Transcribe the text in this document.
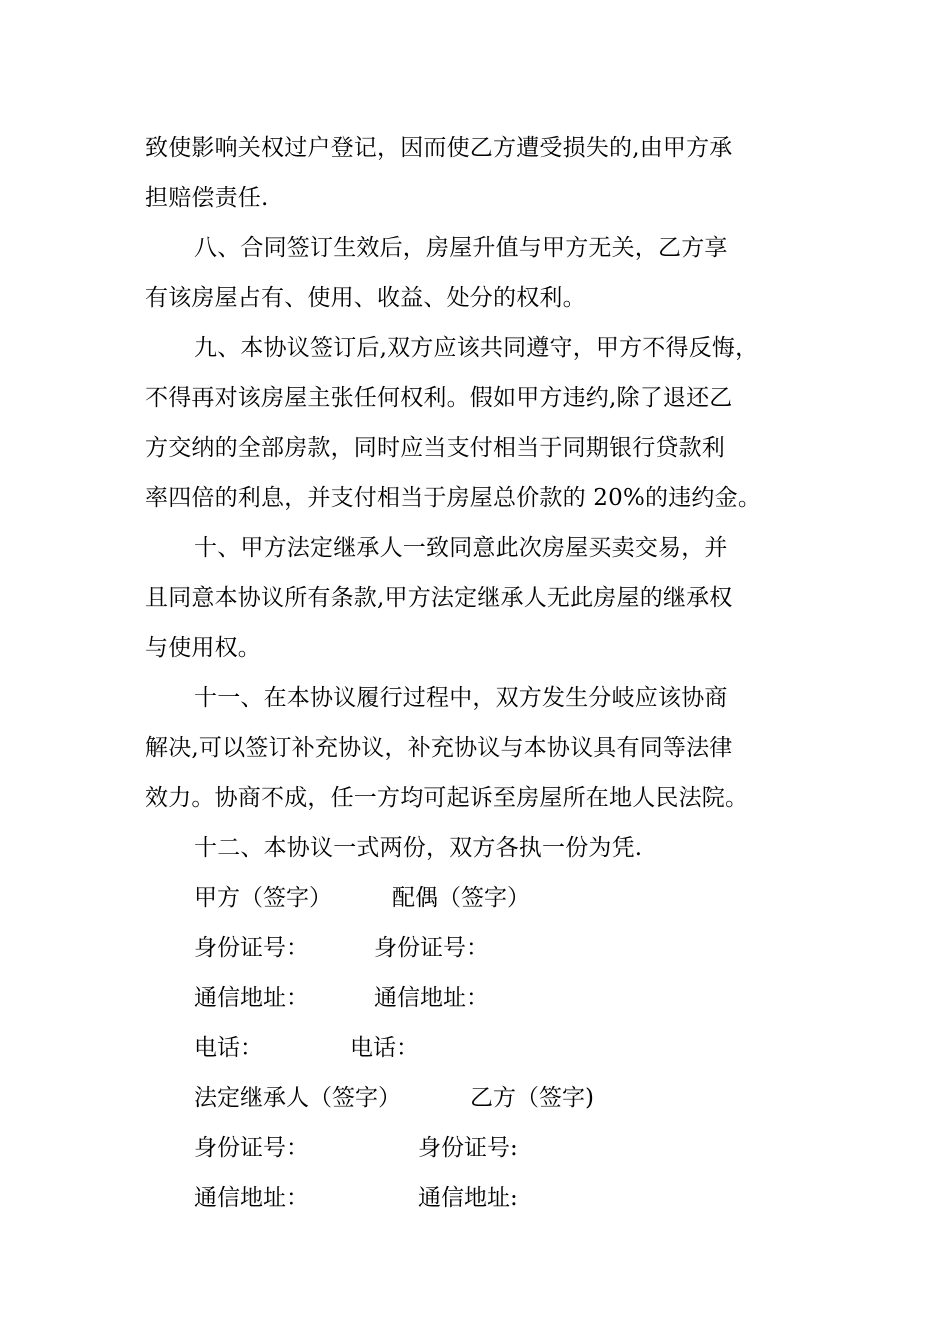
致使影响关权过户登记，因而使乙方遭受损失的,由甲方承
担赔偿责任.
八、合同签订生效后，房屋升值与甲方无关，乙方享
有该房屋占有、使用、收益、处分的权利。
九、本协议签订后,双方应该共同遵守，甲方不得反悔，
不得再对该房屋主张任何权利。假如甲方违约,除了退还乙
方交纳的全部房款，同时应当支付相当于同期银行贷款利
率四倍的利息，并支付相当于房屋总价款的 20%的违约金。
十、甲方法定继承人一致同意此次房屋买卖交易，并
且同意本协议所有条款,甲方法定继承人无此房屋的继承权
与使用权。
十一、在本协议履行过程中，双方发生分岐应该协商
解决,可以签订补充协议，补充协议与本协议具有同等法律
效力。协商不成，任一方均可起诉至房屋所在地人民法院。
十二、本协议一式两份，双方各执一份为凭.
甲方（签字）	配偶（签字）
身份证号：	身份证号：
通信地址：	通信地址：
电话：	电话：
法定继承人（签字）	乙方（签字)
身份证号：	身份证号:
通信地址：	通信地址:
